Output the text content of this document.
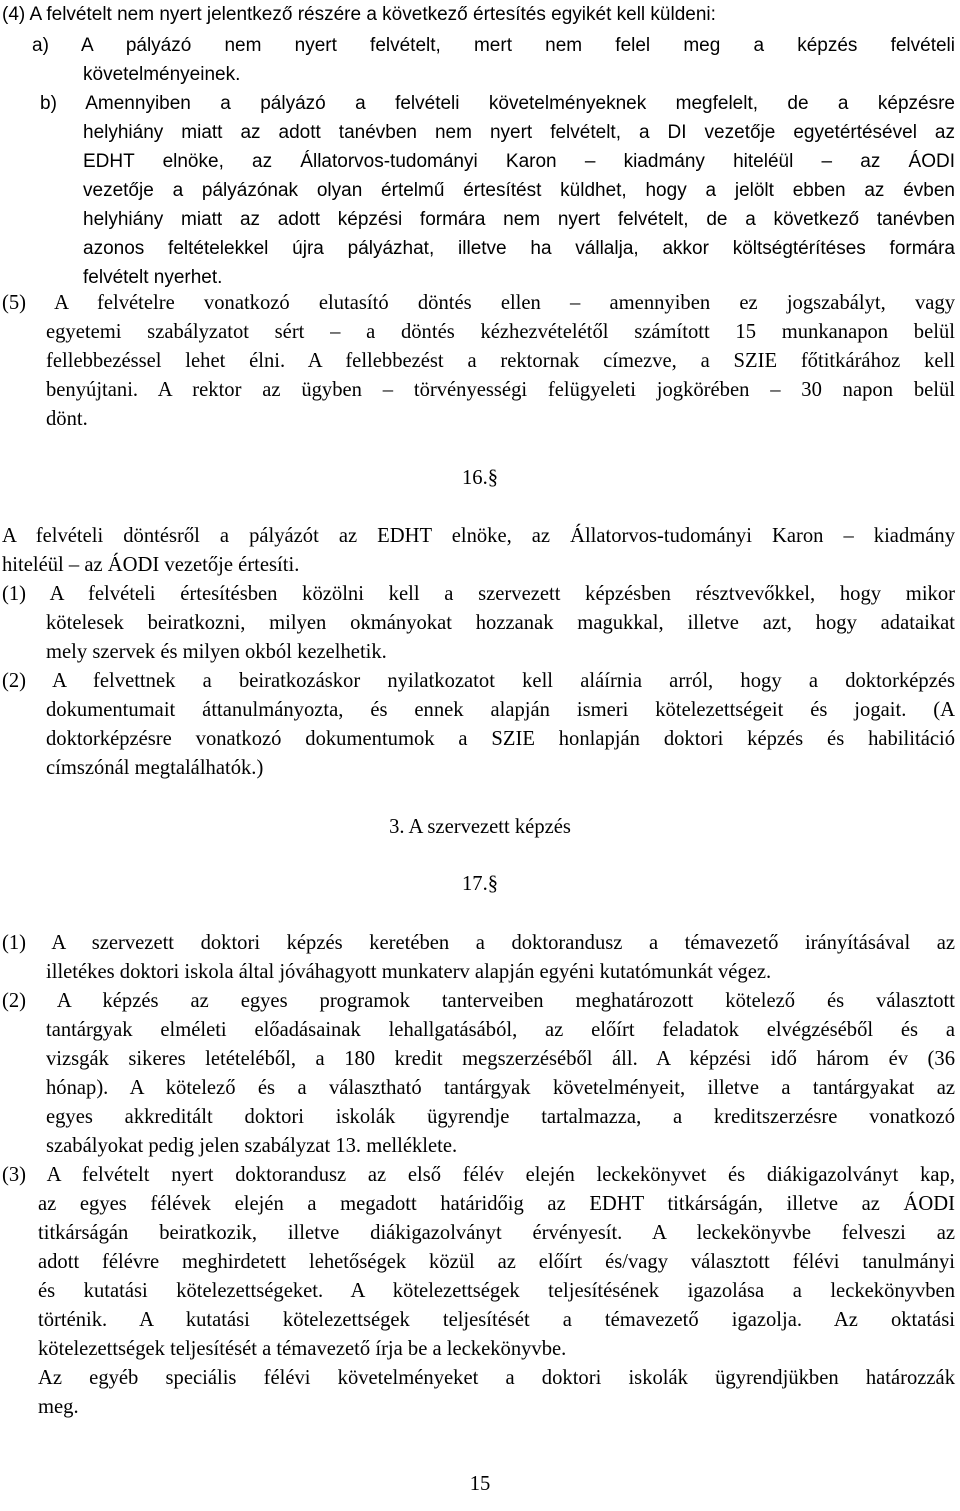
(4) A felvételt nem nyert jelentkező részére a következő értesítés egyikét kell küldeni:
a) A pályázó nem nyert felvételt, mert nem felel meg a képzés felvételi
követelményeinek.
b) Amennyiben a pályázó a felvételi követelményeknek megfelelt, de a képzésre
helyhiány miatt az adott tanévben nem nyert felvételt, a DI vezetője egyetértésével az
EDHT elnöke, az Állatorvos-tudományi Karon – kiadmány hiteléül – az ÁODI
vezetője a pályázónak olyan értelmű értesítést küldhet, hogy a jelölt ebben az évben
helyhiány miatt az adott képzési formára nem nyert felvételt, de a következő tanévben
azonos feltételekkel újra pályázhat, illetve ha vállalja, akkor költségtérítéses formára
felvételt nyerhet.
(5) A felvételre vonatkozó elutasító döntés ellen – amennyiben ez jogszabályt, vagy
egyetemi szabályzatot sért – a döntés kézhezvételétől számított 15 munkanapon belül
fellebbezéssel lehet élni. A fellebbezést a rektornak címezve, a SZIE főtitkárához kell
benyújtani. A rektor az ügyben – törvényességi felügyeleti jogkörében – 30 napon belül
dönt.
16.§
A felvételi döntésről a pályázót az EDHT elnöke, az Állatorvos-tudományi Karon – kiadmány
hiteléül – az ÁODI vezetője értesíti.
(1) A felvételi értesítésben közölni kell a szervezett képzésben résztvevőkkel, hogy mikor
kötelesek beiratkozni, milyen okmányokat hozzanak magukkal, illetve azt, hogy adataikat
mely szervek és milyen okból kezelhetik.
(2) A felvettnek a beiratkozáskor nyilatkozatot kell aláírnia arról, hogy a doktorképzés
dokumentumait áttanulmányozta, és ennek alapján ismeri kötelezettségeit és jogait. (A
doktorképzésre vonatkozó dokumentumok a SZIE honlapján doktori képzés és habilitáció
címszónál megtalálhatók.)
3. A szervezett képzés
17.§
(1) A szervezett doktori képzés keretében a doktorandusz a témavezető irányításával az
illetékes doktori iskola által jóváhagyott munkaterv alapján egyéni kutatómunkát végez.
(2) A képzés az egyes programok tanterveiben meghatározott kötelező és választott
tantárgyak elméleti előadásainak lehallgatásából, az előírt feladatok elvégzéséből és a
vizsgák sikeres letételéből, a 180 kredit megszerzéséből áll. A képzési idő három év (36
hónap). A kötelező és a választható tantárgyak követelményeit, illetve a tantárgyakat az
egyes akkreditált doktori iskolák ügyrendje tartalmazza, a kreditszerzésre vonatkozó
szabályokat pedig jelen szabályzat 13. melléklete.
(3) A felvételt nyert doktorandusz az első félév elején leckekönyvet és diákigazolványt kap,
az egyes félévek elején a megadott határidőig az EDHT titkárságán, illetve az ÁODI
titkárságán beiratkozik, illetve diákigazolványt érvényesít. A leckekönyvbe felveszi az
adott félévre meghirdetett lehetőségek közül az előírt és/vagy választott félévi tanulmányi
és kutatási kötelezettségeket. A kötelezettségek teljesítésének igazolása a leckekönyvben
történik. A kutatási kötelezettségek teljesítését a témavezető igazolja. Az oktatási
kötelezettségek teljesítését a témavezető írja be a leckekönyvbe.
Az egyéb speciális félévi követelményeket a doktori iskolák ügyrendjükben határozzák
meg.
15
